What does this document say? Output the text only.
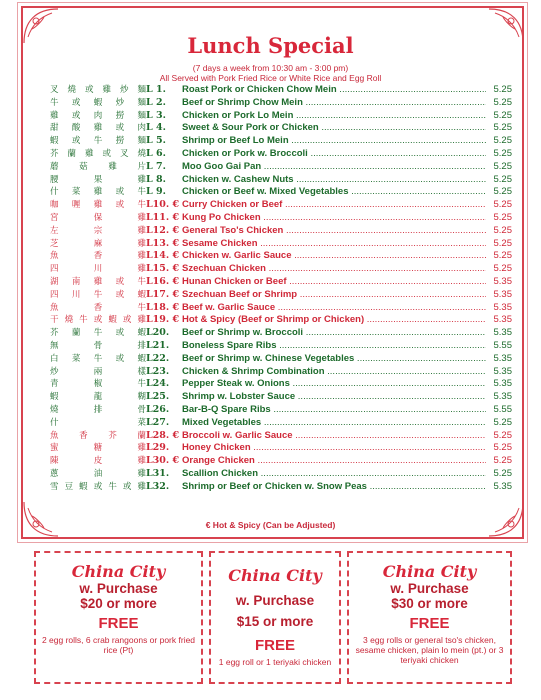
Lunch Special
(7 days a week from 10:30 am - 3:00 pm)
All Served with Pork Fried Rice or White Rice and Egg Roll
叉燒或雞炒麵 L 1.	Roast Pork or Chicken Chow Mein .....	5.25
牛或蝦炒麵 L 2.	Beef or Shrimp Chow Mein .....	5.25
雞或肉撈麵 L 3.	Chicken or Pork Lo Mein .....	5.25
甜酸雞或肉 L 4.	Sweet & Sour Pork or Chicken .....	5.25
蝦或牛撈麵 L 5.	Shrimp or Beef Lo Mein .....	5.25
芥蘭雞或叉燒 L 6.	Chicken or Pork w. Broccoli .....	5.25
蘑菇雞片 L 7.	Moo Goo Gai Pan .....	5.25
腰果雞 L 8.	Chicken w. Cashew Nuts .....	5.25
什菜雞或牛 L 9.	Chicken or Beef w. Mixed Vegetables .....	5.25
咖喱雞或牛 L10. € Curry Chicken or Beef .....	5.25
宮保雞 L11. € Kung Po Chicken .....	5.25
左宗雞 L12. € General Tso's Chicken .....	5.25
芝麻雞 L13. € Sesame Chicken .....	5.25
魚香雞 L14. € Chicken w. Garlic Sauce .....	5.25
四川雞 L15. € Szechuan Chicken .....	5.25
湖南雞或牛 L16. € Hunan Chicken or Beef .....	5.35
四川牛或蝦 L17. € Szechuan Beef or Shrimp .....	5.35
魚香牛 L18. € Beef w. Garlic Sauce .....	5.35
干燒牛或蝦或雞 L19. € Hot & Spicy (Beef or Shrimp or Chicken) .....	5.35
芥蘭牛或蝦 L20.	Beef or Shrimp w. Broccoli .....	5.35
無骨排 L21.	Boneless Spare Ribs .....	5.55
白菜牛或蝦 L22.	Beef or Shrimp w. Chinese Vegetables .....	5.35
炒兩樣 L23.	Chicken & Shrimp Combination .....	5.35
青椒牛 L24.	Pepper Steak w. Onions .....	5.35
蝦龍糊 L25.	Shrimp w. Lobster Sauce .....	5.35
燒排骨 L26.	Bar-B-Q Spare Ribs .....	5.55
什菜 L27.	Mixed Vegetables .....	5.25
魚香芥蘭 L28. € Broccoli w. Garlic Sauce .....	5.25
蜜糖雞 L29.	Honey Chicken .....	5.25
陳皮雞 L30. € Orange Chicken .....	5.25
蔥油雞 L31.	Scallion Chicken .....	5.25
雪豆蝦或牛或雞 L32.	Shrimp or Beef or Chicken w. Snow Peas .....	5.35
€ Hot & Spicy (Can be Adjusted)
China City
w. Purchase
$20 or more
FREE
2 egg rolls, 6 crab rangoons or pork fried rice (Pt)
China City
w. Purchase
$15 or more
FREE
1 egg roll or 1 teriyaki chicken
China City
w. Purchase
$30 or more
FREE
3 egg rolls or general tso's chicken, sesame chicken, plain lo mein (pt.) or 3 teriyaki chicken
